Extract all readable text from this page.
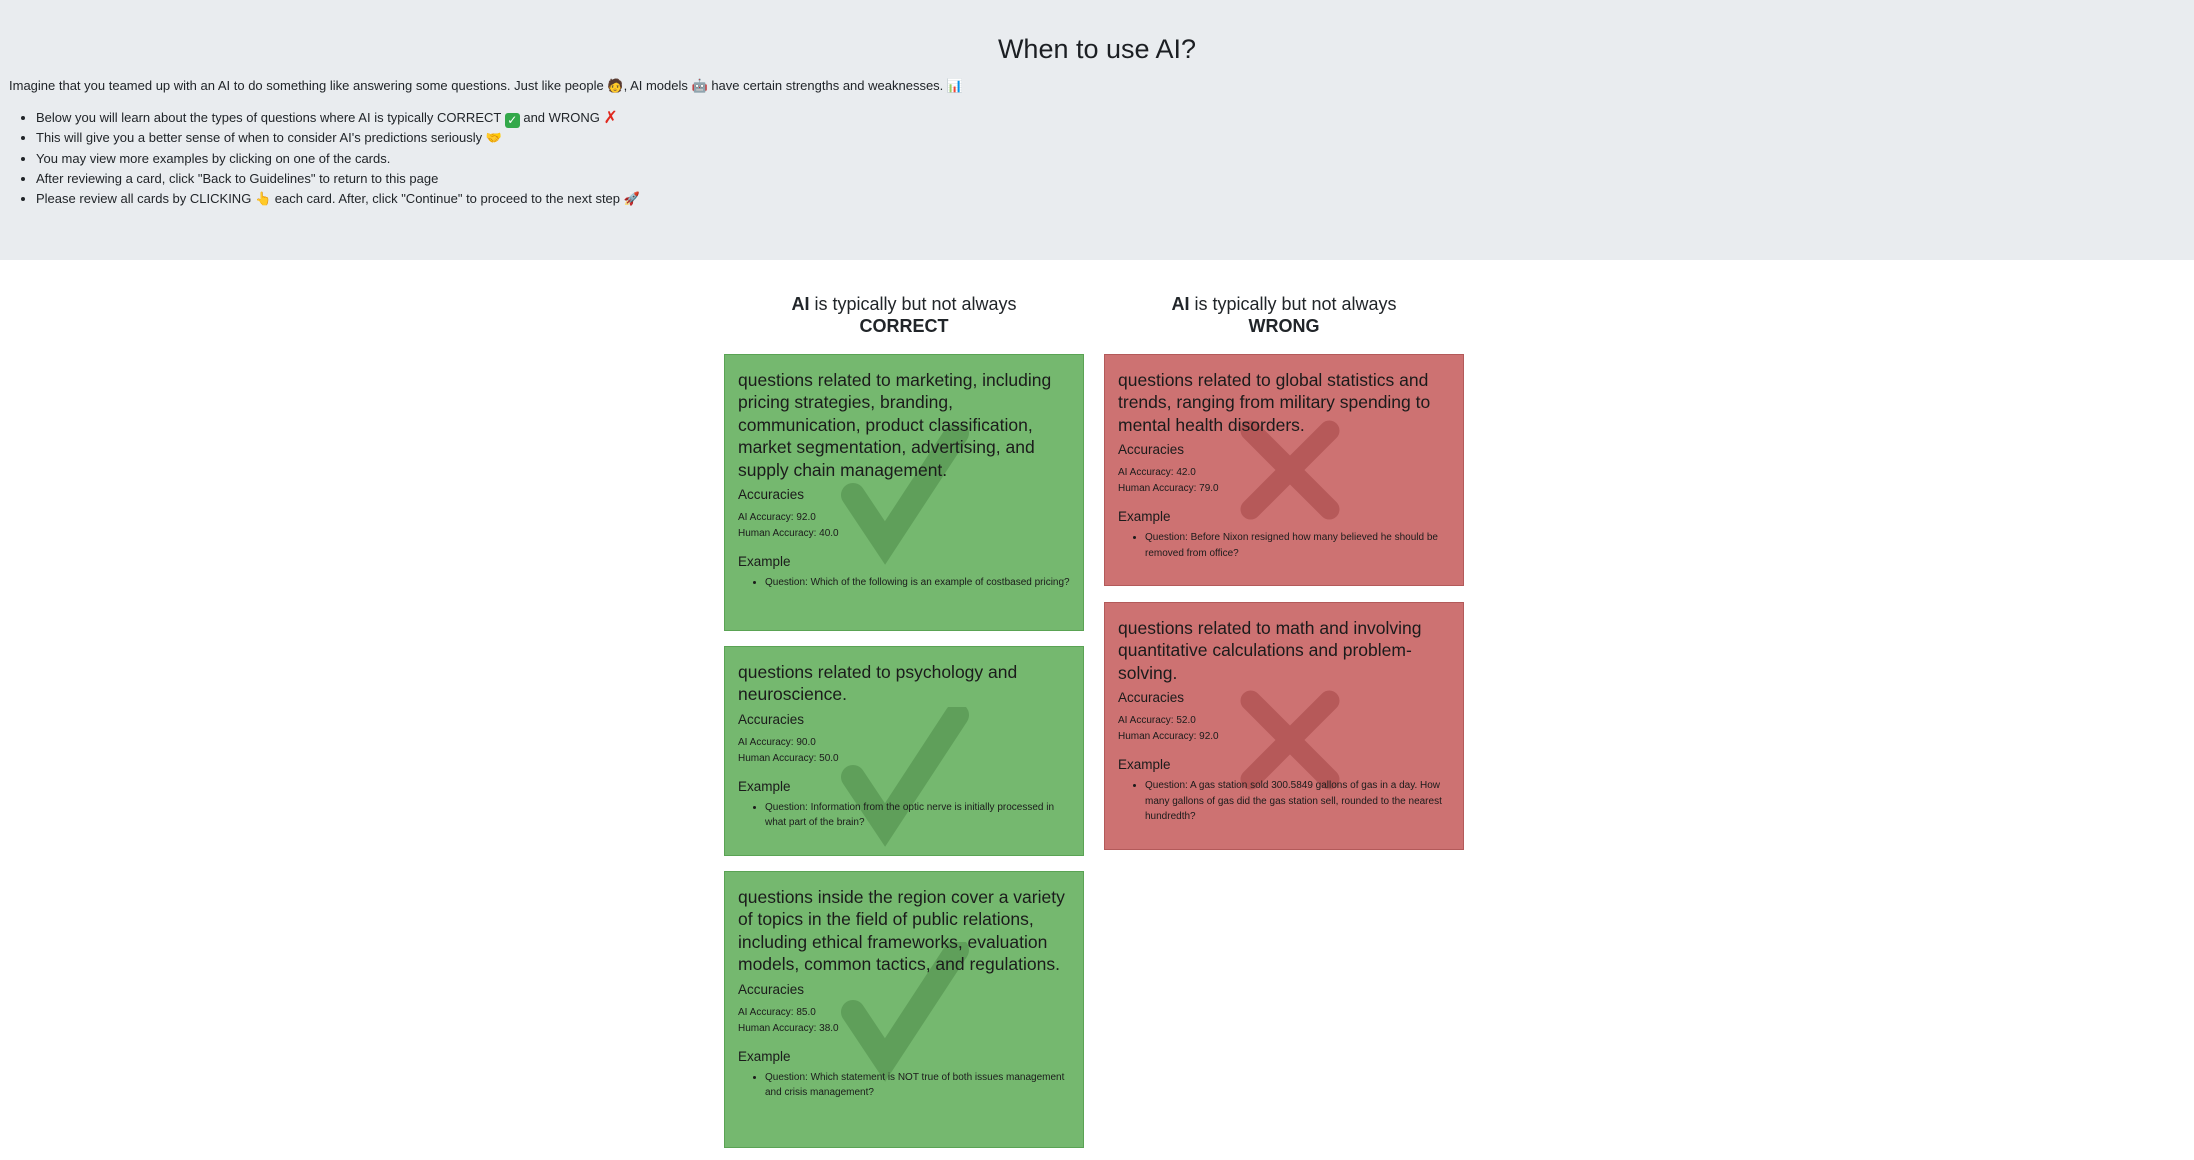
When to use AI?

Imagine that you teamed up with an AI to do something like answering some questions. Just like people 🧑, AI models 🤖 have certain strengths and weaknesses. 📊

• Below you will learn about the types of questions where AI is typically CORRECT ✓ and WRONG ✗
• This will give you a better sense of when to consider AI's predictions seriously 🤝
• You may view more examples by clicking on one of the cards.
• After reviewing a card, click "Back to Guidelines" to return to this page
• Please review all cards by CLICKING 👆 each card. After, click "Continue" to proceed to the next step 🚀
AI is typically but not always
CORRECT
AI is typically but not always
WRONG
questions related to marketing, including pricing strategies, branding, communication, product classification, market segmentation, advertising, and supply chain management.
Accuracies
AI Accuracy: 92.0
Human Accuracy: 40.0
Example
• Question: Which of the following is an example of costbased pricing?
questions related to psychology and neuroscience.
Accuracies
AI Accuracy: 90.0
Human Accuracy: 50.0
Example
• Question: Information from the optic nerve is initially processed in what part of the brain?
questions inside the region cover a variety of topics in the field of public relations, including ethical frameworks, evaluation models, common tactics, and regulations.
Accuracies
AI Accuracy: 85.0
Human Accuracy: 38.0
Example
• Question: Which statement is NOT true of both issues management and crisis management?
questions related to global statistics and trends, ranging from military spending to mental health disorders.
Accuracies
AI Accuracy: 42.0
Human Accuracy: 79.0
Example
• Question: Before Nixon resigned how many believed he should be removed from office?
questions related to math and involving quantitative calculations and problem-solving.
Accuracies
AI Accuracy: 52.0
Human Accuracy: 92.0
Example
• Question: A gas station sold 300.5849 gallons of gas in a day. How many gallons of gas did the gas station sell, rounded to the nearest hundredth?
